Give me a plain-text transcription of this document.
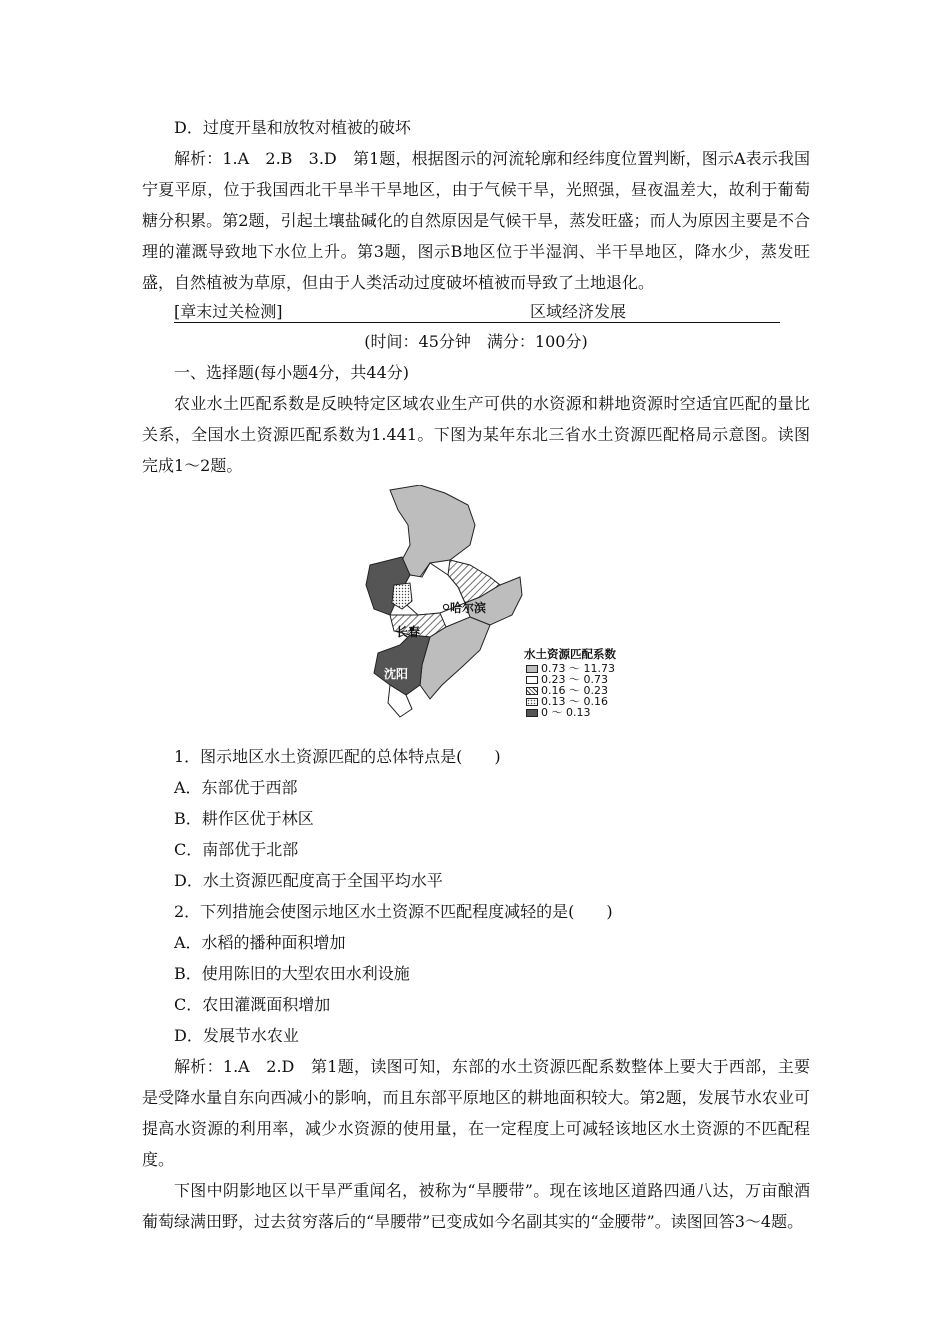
D．过度开垦和放牧对植被的破坏

解析：1.A　2.B　3.D　第1题，根据图示的河流轮廓和经纬度位置判断，图示A表示我国宁夏平原，位于我国西北干旱半干旱地区，由于气候干旱，光照强，昼夜温差大，故利于葡萄糖分积累。第2题，引起土壤盐碱化的自然原因是气候干旱，蒸发旺盛；而人为原因主要是不合理的灌溉导致地下水位上升。第3题，图示B地区位于半湿润、半干旱地区，降水少，蒸发旺盛，自然植被为草原，但由于人类活动过度破坏植被而导致了土地退化。

[章末过关检测]	区域经济发展

(时间：45分钟　满分：100分)

一、选择题(每小题4分，共44分)

农业水土匹配系数是反映特定区域农业生产可供的水资源和耕地资源时空适宜匹配的量比关系，全国水土资源匹配系数为1.441。下图为某年东北三省水土资源匹配格局示意图。读图完成1～2题。

哈尔滨
长春
沈阳
水土资源匹配系数
0.73 ～ 11.73
0.23 ～ 0.73
0.16 ～ 0.23
0.13 ～ 0.16
0 ～ 0.13

1．图示地区水土资源匹配的总体特点是(　　)

A．东部优于西部

B．耕作区优于林区

C．南部优于北部

D．水土资源匹配度高于全国平均水平

2．下列措施会使图示地区水土资源不匹配程度减轻的是(　　)

A．水稻的播种面积增加

B．使用陈旧的大型农田水利设施

C．农田灌溉面积增加

D．发展节水农业

解析：1.A　2.D　第1题，读图可知，东部的水土资源匹配系数整体上要大于西部，主要是受降水量自东向西减小的影响，而且东部平原地区的耕地面积较大。第2题，发展节水农业可提高水资源的利用率，减少水资源的使用量，在一定程度上可减轻该地区水土资源的不匹配程度。

下图中阴影地区以干旱严重闻名，被称为“旱腰带”。现在该地区道路四通八达，万亩酿酒葡萄绿满田野，过去贫穷落后的“旱腰带”已变成如今名副其实的“金腰带”。读图回答3～4题。
